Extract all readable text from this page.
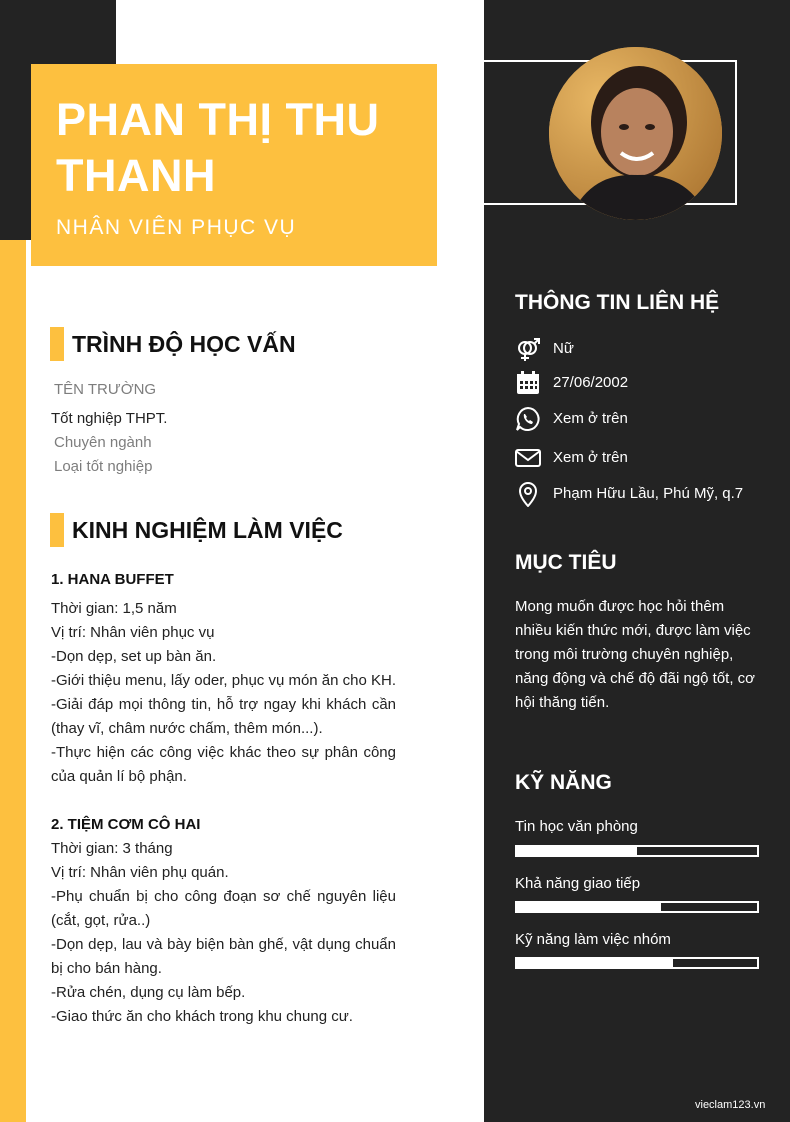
PHAN THỊ THU
THANH
NHÂN VIÊN PHỤC VỤ
TRÌNH ĐỘ HỌC VẤN
TÊN TRƯỜNG
Tốt nghiệp THPT.
Chuyên ngành
Loại tốt nghiệp
KINH NGHIỆM LÀM VIỆC
1. HANA BUFFET
Thời gian: 1,5 năm
Vị trí: Nhân viên phục vụ
-Dọn dẹp, set up bàn ăn.
-Giới thiệu menu, lấy oder, phục vụ món ăn cho KH.
-Giải đáp mọi thông tin, hỗ trợ ngay khi khách cần (thay vĩ, châm nước chấm, thêm món...).
-Thực hiện các công việc khác theo sự phân công của quản lí bộ phận.
2. TIỆM CƠM CÔ HAI
Thời gian: 3 tháng
Vị trí: Nhân viên phụ quán.
-Phụ chuẩn bị cho công đoạn sơ chế nguyên liệu (cắt, gọt, rửa..)
-Dọn dẹp, lau và bày biện bàn ghế, vật dụng chuẩn bị cho bán hàng.
-Rửa chén, dụng cụ làm bếp.
-Giao thức ăn cho khách trong khu chung cư.
THÔNG TIN LIÊN HỆ
Nữ
27/06/2002
Xem ở trên
Xem ở trên
Phạm Hữu Lầu, Phú Mỹ, q.7
MỤC TIÊU
Mong muốn được học hỏi thêm nhiều kiến thức mới, được làm việc trong môi trường chuyên nghiệp, năng động và chế độ đãi ngộ tốt, cơ hội thăng tiến.
KỸ NĂNG
Tin học văn phòng
Khả năng giao tiếp
Kỹ năng làm việc nhóm
vieclam123.vn
